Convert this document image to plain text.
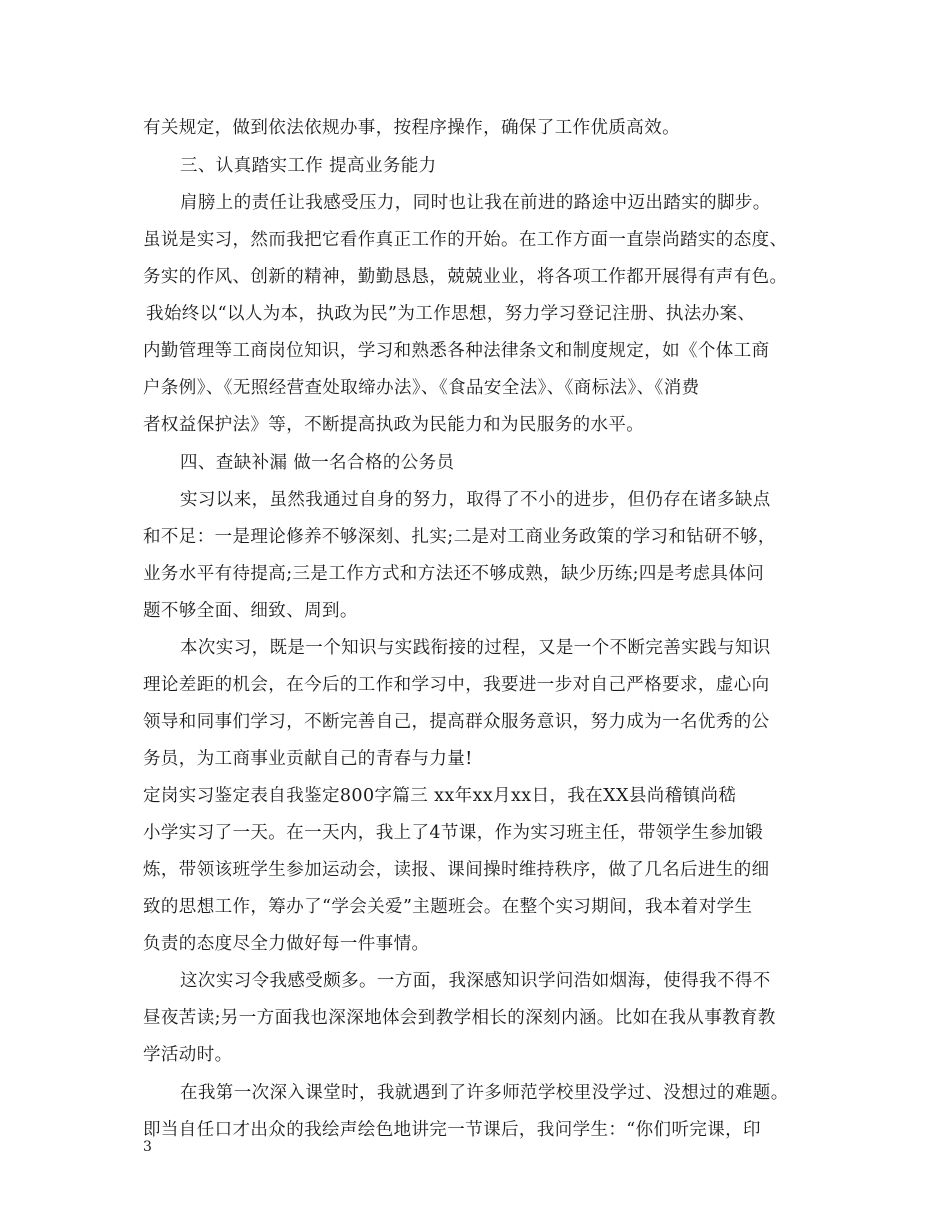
有关规定，做到依法依规办事，按程序操作，确保了工作优质高效。
三、认真踏实工作 提高业务能力
肩膀上的责任让我感受压力，同时也让我在前进的路途中迈出踏实的脚步。
虽说是实习，然而我把它看作真正工作的开始。在工作方面一直崇尚踏实的态度、
务实的作风、创新的精神，勤勤恳恳，兢兢业业，将各项工作都开展得有声有色。
我始终以“以人为本，执政为民”为工作思想，努力学习登记注册、执法办案、
内勤管理等工商岗位知识，学习和熟悉各种法律条文和制度规定，如《个体工商
户条例》、《无照经营查处取缔办法》、《食品安全法》、《商标法》、《消费
者权益保护法》等，不断提高执政为民能力和为民服务的水平。
四、查缺补漏 做一名合格的公务员
实习以来，虽然我通过自身的努力，取得了不小的进步，但仍存在诸多缺点
和不足：一是理论修养不够深刻、扎实;二是对工商业务政策的学习和钻研不够，
业务水平有待提高;三是工作方式和方法还不够成熟，缺少历练;四是考虑具体问
题不够全面、细致、周到。
本次实习，既是一个知识与实践衔接的过程，又是一个不断完善实践与知识
理论差距的机会，在今后的工作和学习中，我要进一步对自己严格要求，虚心向
领导和同事们学习，不断完善自己，提高群众服务意识，努力成为一名优秀的公
务员，为工商事业贡献自己的青春与力量!
定岗实习鉴定表自我鉴定800字篇三 xx年xx月xx日，我在XX县尚稽镇尚嵇
小学实习了一天。在一天内，我上了4节课，作为实习班主任，带领学生参加锻
炼，带领该班学生参加运动会，读报、课间操时维持秩序，做了几名后进生的细
致的思想工作，筹办了“学会关爱”主题班会。在整个实习期间，我本着对学生
负责的态度尽全力做好每一件事情。
这次实习令我感受颇多。一方面，我深感知识学问浩如烟海，使得我不得不
昼夜苦读;另一方面我也深深地体会到教学相长的深刻内涵。比如在我从事教育教
学活动时。
在我第一次深入课堂时，我就遇到了许多师范学校里没学过、没想过的难题。
即当自任口才出众的我绘声绘色地讲完一节课后，我问学生：“你们听完课，印
3
